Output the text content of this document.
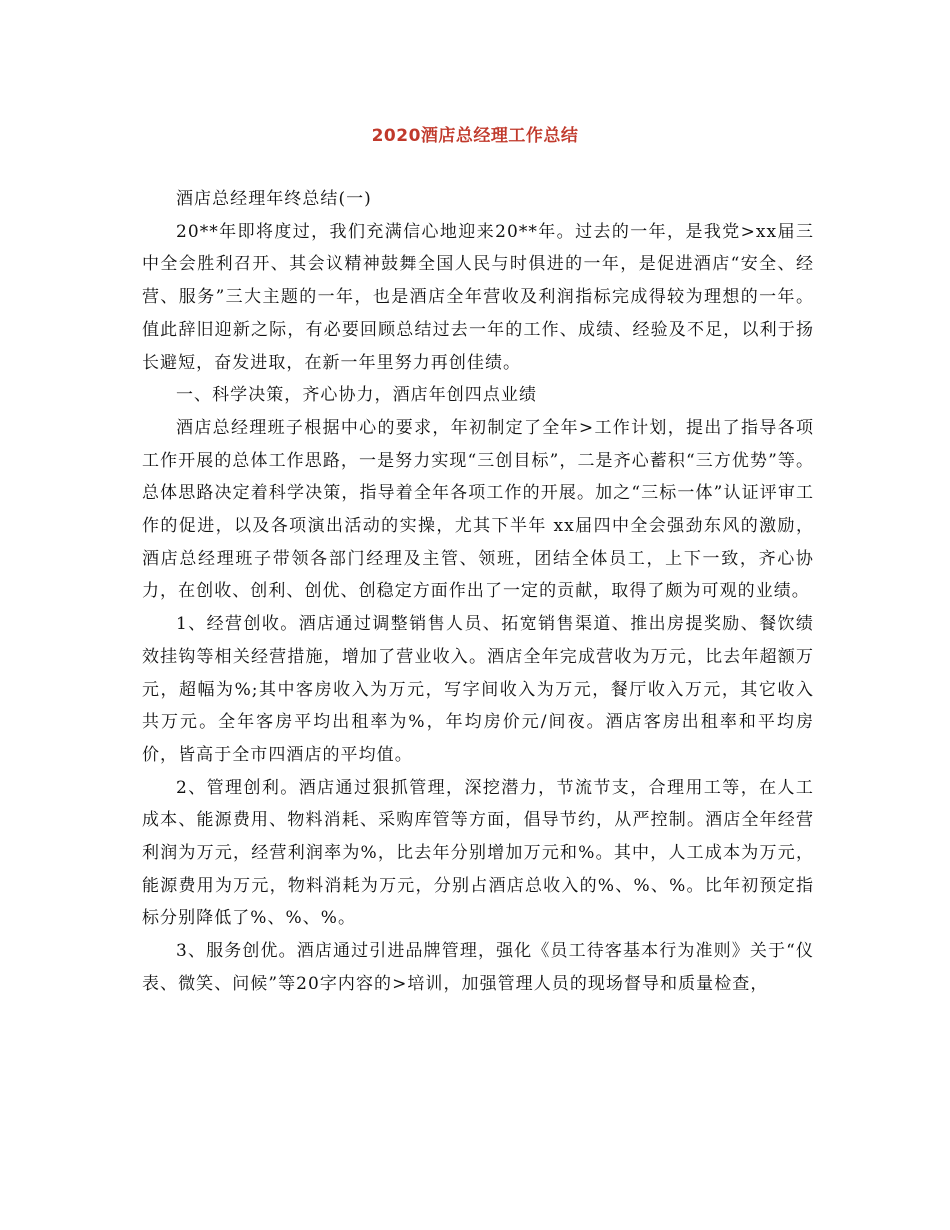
2020酒店总经理工作总结

酒店总经理年终总结(一)

20**年即将度过，我们充满信心地迎来20**年。过去的一年，是我党>xx届三中全会胜利召开、其会议精神鼓舞全国人民与时俱进的一年，是促进酒店“安全、经营、服务”三大主题的一年，也是酒店全年营收及利润指标完成得较为理想的一年。值此辞旧迎新之际，有必要回顾总结过去一年的工作、成绩、经验及不足，以利于扬长避短，奋发进取，在新一年里努力再创佳绩。

一、科学决策，齐心协力，酒店年创四点业绩

酒店总经理班子根据中心的要求，年初制定了全年>工作计划，提出了指导各项工作开展的总体工作思路，一是努力实现“三创目标”，二是齐心蓄积“三方优势”等。总体思路决定着科学决策，指导着全年各项工作的开展。加之“三标一体”认证评审工作的促进，以及各项演出活动的实操，尤其下半年 xx届四中全会强劲东风的激励，酒店总经理班子带领各部门经理及主管、领班，团结全体员工，上下一致，齐心协力，在创收、创利、创优、创稳定方面作出了一定的贡献，取得了颇为可观的业绩。

1、经营创收。酒店通过调整销售人员、拓宽销售渠道、推出房提奖励、餐饮绩效挂钩等相关经营措施，增加了营业收入。酒店全年完成营收为万元，比去年超额万元，超幅为%;其中客房收入为万元，写字间收入为万元，餐厅收入万元，其它收入共万元。全年客房平均出租率为%，年均房价元/间夜。酒店客房出租率和平均房价，皆高于全市四酒店的平均值。

2、管理创利。酒店通过狠抓管理，深挖潜力，节流节支，合理用工等，在人工成本、能源费用、物料消耗、采购库管等方面，倡导节约，从严控制。酒店全年经营利润为万元，经营利润率为%，比去年分别增加万元和%。其中，人工成本为万元，能源费用为万元，物料消耗为万元，分别占酒店总收入的%、%、%。比年初预定指标分别降低了%、%、%。

3、服务创优。酒店通过引进品牌管理，强化《员工待客基本行为准则》关于“仪表、微笑、问候”等20字内容的>培训，加强管理人员的现场督导和质量检查，
